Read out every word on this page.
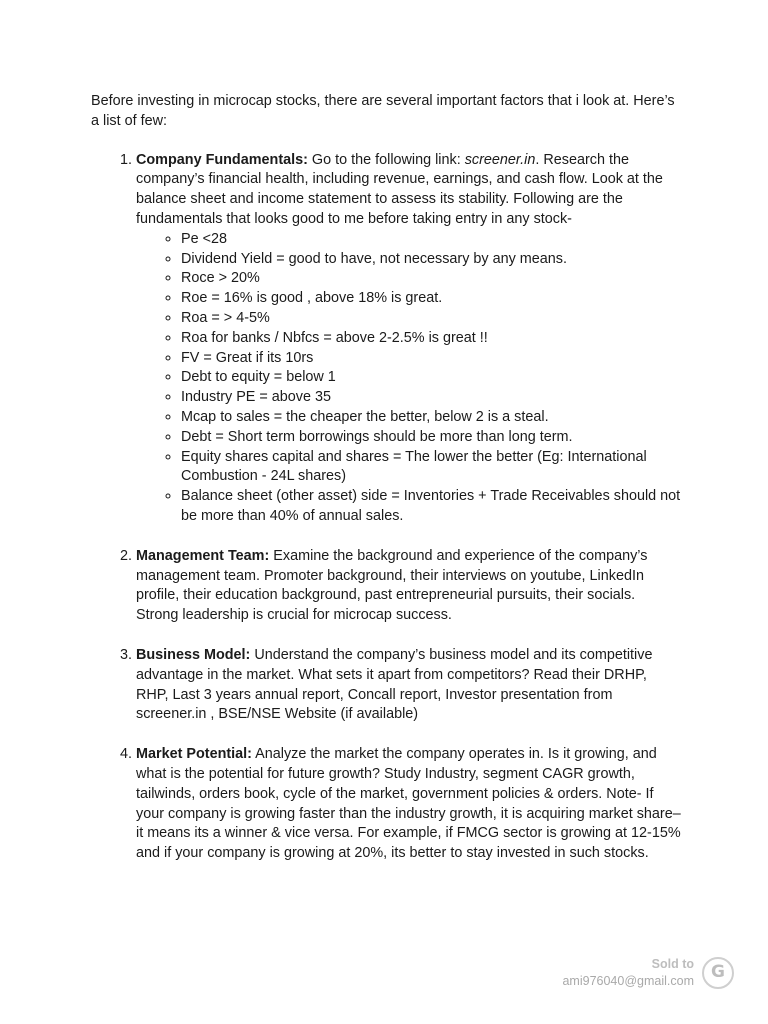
Before investing in microcap stocks, there are several important factors that i look at. Here’s a list of few:

1. Company Fundamentals: Go to the following link: screener.in. Research the company’s financial health, including revenue, earnings, and cash flow. Look at the balance sheet and income statement to assess its stability. Following are the fundamentals that looks good to me before taking entry in any stock-
◦ Pe <28
◦ Dividend Yield = good to have, not necessary by any means.
◦ Roce > 20%
◦ Roe = 16% is good , above 18% is great.
◦ Roa = > 4-5%
◦ Roa for banks / Nbfcs = above 2-2.5% is great !!
◦ FV = Great if its 10rs
◦ Debt to equity = below 1
◦ Industry PE = above 35
◦ Mcap to sales = the cheaper the better, below 2 is a steal.
◦ Debt = Short term borrowings should be more than long term.
◦ Equity shares capital and shares = The lower the better (Eg: International Combustion - 24L shares)
◦ Balance sheet (other asset) side = Inventories + Trade Receivables should not be more than 40% of annual sales.
2. Management Team: Examine the background and experience of the company’s management team. Promoter background, their interviews on youtube, LinkedIn profile, their education background, past entrepreneurial pursuits, their socials. Strong leadership is crucial for microcap success.
3. Business Model: Understand the company’s business model and its competitive advantage in the market. What sets it apart from competitors? Read their DRHP, RHP, Last 3 years annual report, Concall report, Investor presentation from screener.in , BSE/NSE Website (if available)
4. Market Potential: Analyze the market the company operates in. Is it growing, and what is the potential for future growth? Study Industry, segment CAGR growth, tailwinds, orders book, cycle of the market, government policies & orders. Note- If your company is growing faster than the industry growth, it is acquiring market share– it means its a winner & vice versa. For example, if FMCG sector is growing at 12-15% and if your company is growing at 20%, its better to stay invested in such stocks.
Sold to
ami976040@gmail.com	G
